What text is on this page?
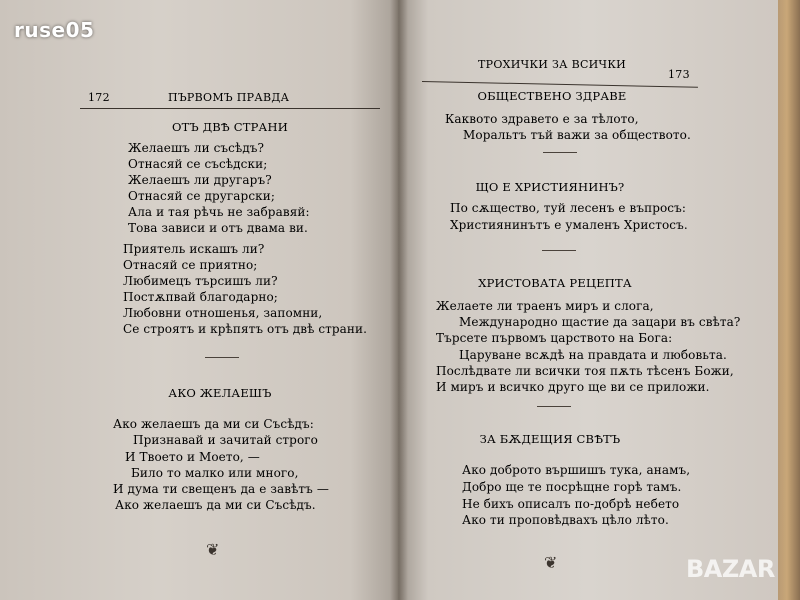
172	ПЪРВОМЪ ПРАВДА
ОТЪ ДВѢ СТРАНИ
Желаешъ ли съсѣдъ?
Отнасяй се съсѣдски;
Желаешъ ли другаръ?
Отнасяй се другарски;
Ала и тая рѣчь не забравяй:
Това зависи и отъ двама ви.
Приятель искашъ ли?
Отнасяй се приятно;
Любимецъ търсишъ ли?
Постѫпвай благодарно;
Любовни отношенья, запомни,
Се строятъ и крѣпятъ отъ двѣ страни.
АКО ЖЕЛАЕШЪ
Ако желаешъ да ми си Съсѣдъ:
Признавай и зачитай строго
И Твоето и Моето, —
Било то малко или много,
И дума ти свещенъ да е завѣтъ —
Ако желаешъ да ми си Съсѣдъ.
❦
ТРОХИЧКИ ЗА ВСИЧКИ
173
ОБЩЕСТВЕНО ЗДРАВЕ
Каквото здравето е за тѣлото,
Моральтъ тъй важи за обществото.
ЩО Е ХРИСТИЯНИНЪ?
По сѫщество, туй лесенъ е въпросъ:
Християнинътъ е умаленъ Христосъ.
ХРИСТОВАТА РЕЦЕПТА
Желаете ли траенъ миръ и слога,
Международно щастие да зацари въ свѣта?
Търсете първомъ царството на Бога:
Царуване всѫдѣ на правдата и любовьта.
Послѣдвате ли всички тоя пѫть тѣсенъ Божи,
И миръ и всичко друго ще ви се приложи.
ЗА БѪДЕЩИЯ СВѢТЪ
Ако доброто вършишъ тука, анамъ,
Добро ще те посрѣщне горѣ тамъ.
Не бихъ описалъ по-добрѣ небето
Ако ти проповѣдвахъ цѣло лѣто.
❦
ruse05
BAZAR
